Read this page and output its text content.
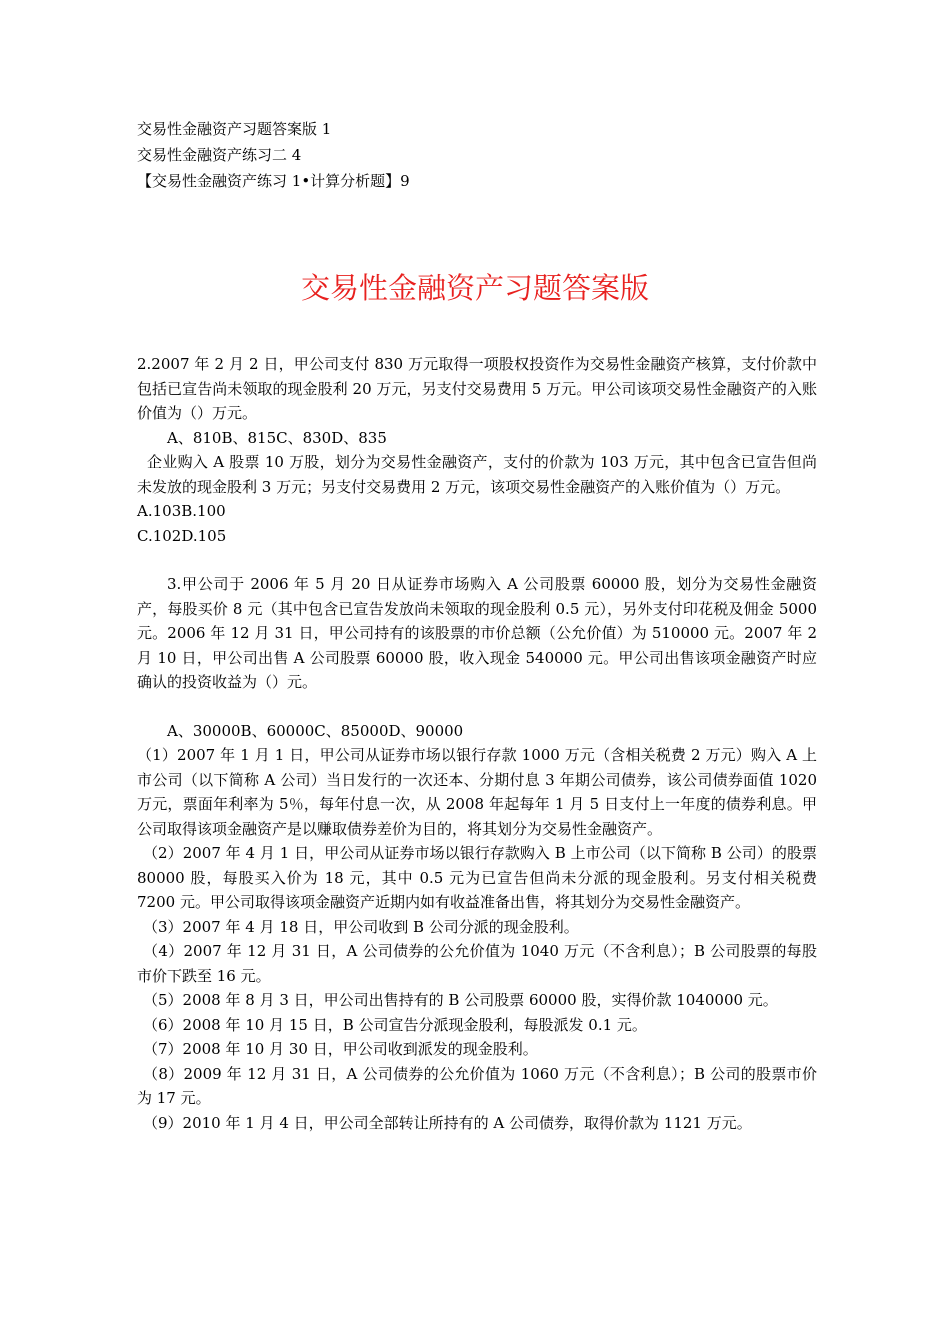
交易性金融资产习题答案版 1
交易性金融资产练习二 4
【交易性金融资产练习 1•计算分析题】9
交易性金融资产习题答案版

2.2007 年 2 月 2 日，甲公司支付 830 万元取得一项股权投资作为交易性金融资产核算，支付价款中包括已宣告尚未领取的现金股利 20 万元，另支付交易费用 5 万元。甲公司该项交易性金融资产的入账价值为（）万元。

A、810B、815C、830D、835

企业购入 A 股票 10 万股，划分为交易性金融资产，支付的价款为 103 万元，其中包含已宣告但尚未发放的现金股利 3 万元；另支付交易费用 2 万元，该项交易性金融资产的入账价值为（）万元。

A.103B.100

C.102D.105

3.甲公司于 2006 年 5 月 20 日从证券市场购入 A 公司股票 60000 股，划分为交易性金融资产，每股买价 8 元（其中包含已宣告发放尚未领取的现金股利 0.5 元），另外支付印花税及佣金 5000 元。2006 年 12 月 31 日，甲公司持有的该股票的市价总额（公允价值）为 510000 元。2007 年 2 月 10 日，甲公司出售 A 公司股票 60000 股，收入现金 540000 元。甲公司出售该项金融资产时应确认的投资收益为（）元。

A、30000B、60000C、85000D、90000

（1）2007 年 1 月 1 日，甲公司从证券市场以银行存款 1000 万元（含相关税费 2 万元）购入 A 上市公司（以下简称 A 公司）当日发行的一次还本、分期付息 3 年期公司债券，该公司债券面值 1020 万元，票面年利率为 5％，每年付息一次，从 2008 年起每年 1 月 5 日支付上一年度的债券利息。甲公司取得该项金融资产是以赚取债券差价为目的，将其划分为交易性金融资产。

（2）2007 年 4 月 1 日，甲公司从证券市场以银行存款购入 B 上市公司（以下简称 B 公司）的股票 80000 股，每股买入价为 18 元，其中 0.5 元为已宣告但尚未分派的现金股利。另支付相关税费 7200 元。甲公司取得该项金融资产近期内如有收益准备出售，将其划分为交易性金融资产。

（3）2007 年 4 月 18 日，甲公司收到 B 公司分派的现金股利。

（4）2007 年 12 月 31 日，A 公司债券的公允价值为 1040 万元（不含利息）；B 公司股票的每股市价下跌至 16 元。

（5）2008 年 8 月 3 日，甲公司出售持有的 B 公司股票 60000 股，实得价款 1040000 元。

（6）2008 年 10 月 15 日，B 公司宣告分派现金股利，每股派发 0.1 元。

（7）2008 年 10 月 30 日，甲公司收到派发的现金股利。

（8）2009 年 12 月 31 日，A 公司债券的公允价值为 1060 万元（不含利息）；B 公司的股票市价为 17 元。

（9）2010 年 1 月 4 日，甲公司全部转让所持有的 A 公司债券，取得价款为 1121 万元。
